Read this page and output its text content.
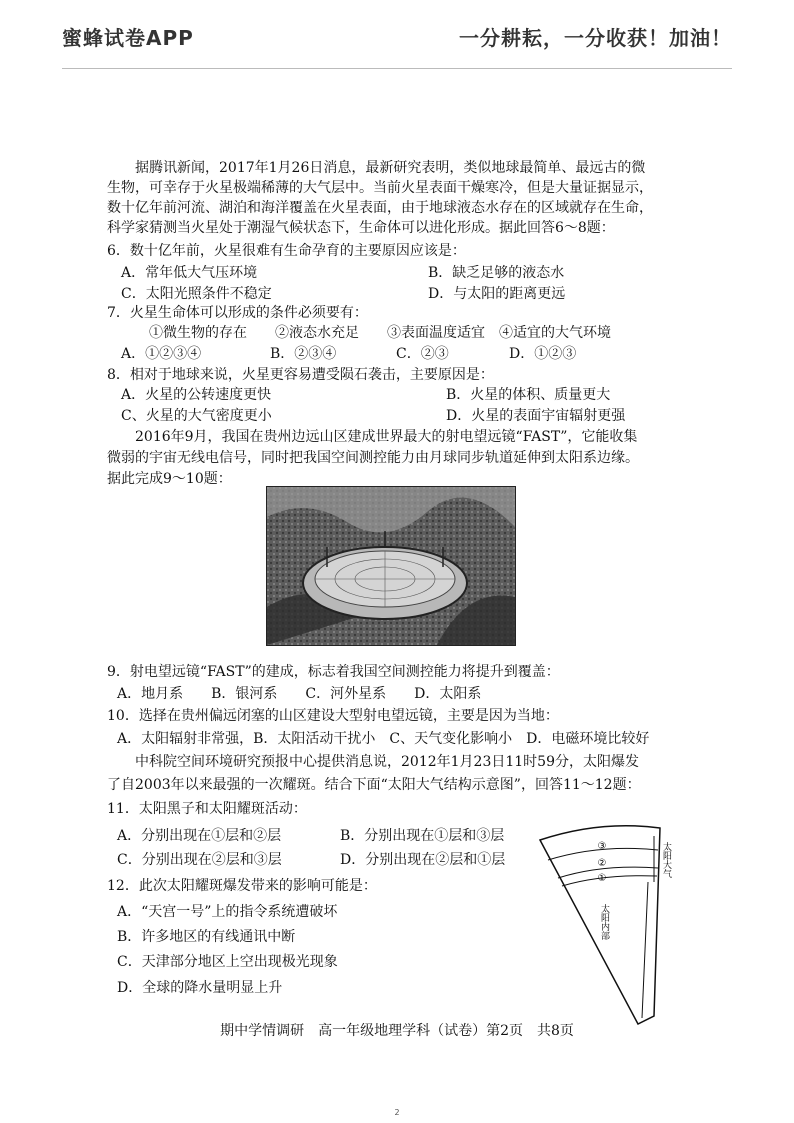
蜜蜂试卷APP	一分耕耘，一分收获！加油！
据腾讯新闻，2017年1月26日消息，最新研究表明，类似地球最简单、最远古的微生物，可幸存于火星极端稀薄的大气层中。当前火星表面干燥寒冷，但是大量证据显示，数十亿年前河流、湖泊和海洋覆盖在火星表面，由于地球液态水存在的区域就存在生命，科学家猜测当火星处于潮湿气候状态下，生命体可以进化形成。据此回答6～8题：
6．数十亿年前，火星很难有生命孕育的主要原因应该是：
A．常年低大气压环境	B．缺乏足够的液态水
C．太阳光照条件不稳定	D．与太阳的距离更远
7．火星生命体可以形成的条件必须要有：
①微生物的存在　　②液态水充足　　③表面温度适宜　④适宜的大气环境
A．①②③④	B．②③④	C．②③	D．①②③
8．相对于地球来说，火星更容易遭受陨石袭击，主要原因是：
A．火星的公转速度更快	B．火星的体积、质量更大
C、火星的大气密度更小	D．火星的表面宇宙辐射更强
2016年9月，我国在贵州边远山区建成世界最大的射电望远镜“FAST”，它能收集
微弱的宇宙无线电信号，同时把我国空间测控能力由月球同步轨道延伸到太阳系边缘。
据此完成9～10题：
9．射电望远镜“FAST”的建成，标志着我国空间测控能力将提升到覆盖：
A．地月系　　B．银河系　　C．河外星系　　D．太阳系
10．选择在贵州偏远闭塞的山区建设大型射电望远镜，主要是因为当地：
A．太阳辐射非常强，B．太阳活动干扰小　C、天气变化影响小　D．电磁环境比较好
中科院空间环境研究预报中心提供消息说，2012年1月23日11时59分，太阳爆发
了自2003年以来最强的一次耀斑。结合下面“太阳大气结构示意图”，回答11～12题：
11．太阳黑子和太阳耀斑活动：
A．分别出现在①层和②层	B．分别出现在①层和③层
C．分别出现在②层和③层	D．分别出现在②层和①层
12．此次太阳耀斑爆发带来的影响可能是：
A．“天宫一号”上的指令系统遭破坏
B．许多地区的有线通讯中断
C．天津部分地区上空出现极光现象
D．全球的降水量明显上升
③
②
①
太阳大气
太阳内部
期中学情调研　高一年级地理学科（试卷）第2页　共8页
2
